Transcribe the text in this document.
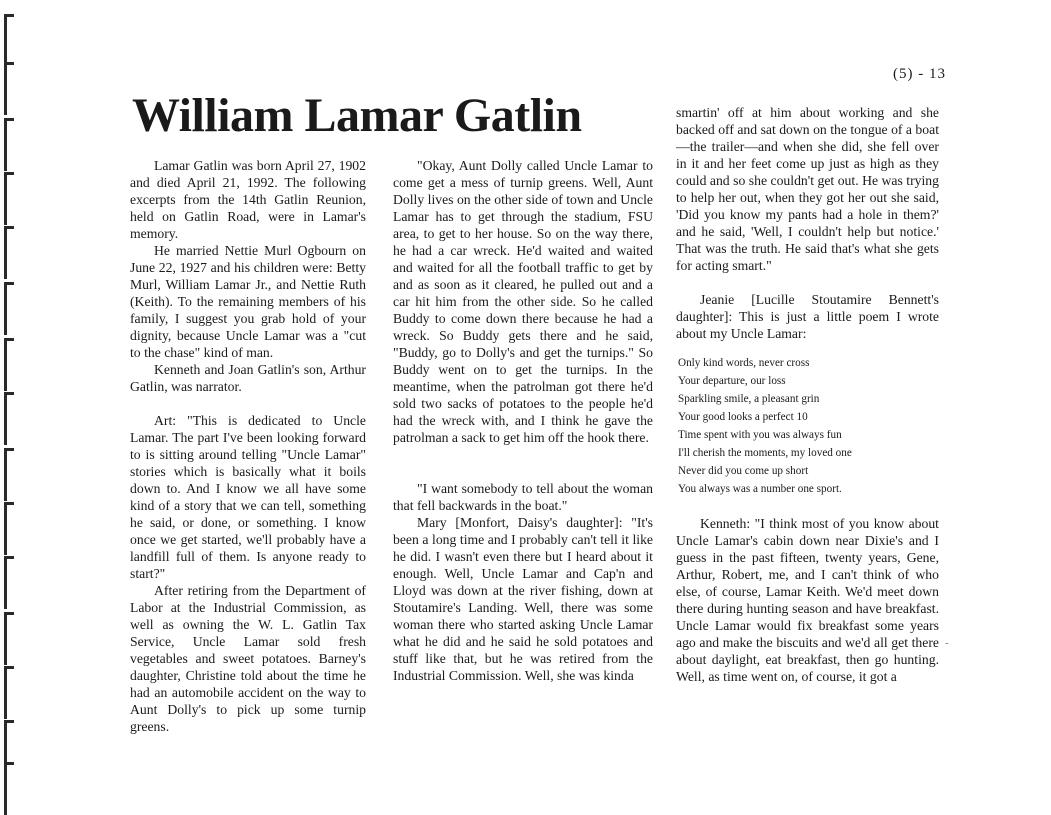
(5) - 13
William Lamar Gatlin

Lamar Gatlin was born April 27, 1902 and died April 21, 1992. The following excerpts from the 14th Gatlin Reunion, held on Gatlin Road, were in Lamar's memory.

He married Nettie Murl Ogbourn on June 22, 1927 and his children were: Betty Murl, William Lamar Jr., and Nettie Ruth (Keith). To the remaining members of his family, I suggest you grab hold of your dignity, because Uncle Lamar was a "cut to the chase" kind of man.

Kenneth and Joan Gatlin's son, Arthur Gatlin, was narrator.

Art: "This is dedicated to Uncle Lamar. The part I've been looking forward to is sitting around telling "Uncle Lamar" stories which is basically what it boils down to. And I know we all have some kind of a story that we can tell, something he said, or done, or something. I know once we get started, we'll probably have a landfill full of them. Is anyone ready to start?"

After retiring from the Department of Labor at the Industrial Commission, as well as owning the W. L. Gatlin Tax Service, Uncle Lamar sold fresh vegetables and sweet potatoes. Barney's daughter, Christine told about the time he had an automobile accident on the way to Aunt Dolly's to pick up some turnip greens.

"Okay, Aunt Dolly called Uncle Lamar to come get a mess of turnip greens. Well, Aunt Dolly lives on the other side of town and Uncle Lamar has to get through the stadium, FSU area, to get to her house. So on the way there, he had a car wreck. He'd waited and waited and waited for all the football traffic to get by and as soon as it cleared, he pulled out and a car hit him from the other side. So he called Buddy to come down there because he had a wreck. So Buddy gets there and he said, "Buddy, go to Dolly's and get the turnips." So Buddy went on to get the turnips. In the meantime, when the patrolman got there he'd sold two sacks of potatoes to the people he'd had the wreck with, and I think he gave the patrolman a sack to get him off the hook there.

"I want somebody to tell about the woman that fell backwards in the boat."

Mary [Monfort, Daisy's daughter]: "It's been a long time and I probably can't tell it like he did. I wasn't even there but I heard about it enough. Well, Uncle Lamar and Cap'n and Lloyd was down at the river fishing, down at Stoutamire's Landing. Well, there was some woman there who started asking Uncle Lamar what he did and he said he sold potatoes and stuff like that, but he was retired from the Industrial Commission. Well, she was kinda

smartin' off at him about working and she backed off and sat down on the tongue of a boat—the trailer—and when she did, she fell over in it and her feet come up just as high as they could and so she couldn't get out. He was trying to help her out, when they got her out she said, 'Did you know my pants had a hole in them?' and he said, 'Well, I couldn't help but notice.' That was the truth. He said that's what she gets for acting smart."

Jeanie [Lucille Stoutamire Bennett's daughter]: This is just a little poem I wrote about my Uncle Lamar:

Only kind words, never cross
Your departure, our loss
Sparkling smile, a pleasant grin
Your good looks a perfect 10
Time spent with you was always fun
I'll cherish the moments, my loved one
Never did you come up short
You always was a number one sport.

Kenneth: "I think most of you know about Uncle Lamar's cabin down near Dixie's and I guess in the past fifteen, twenty years, Gene, Arthur, Robert, me, and I can't think of who else, of course, Lamar Keith. We'd meet down there during hunting season and have breakfast. Uncle Lamar would fix breakfast some years ago and make the biscuits and we'd all get there about daylight, eat breakfast, then go hunting. Well, as time went on, of course, it got a

-
